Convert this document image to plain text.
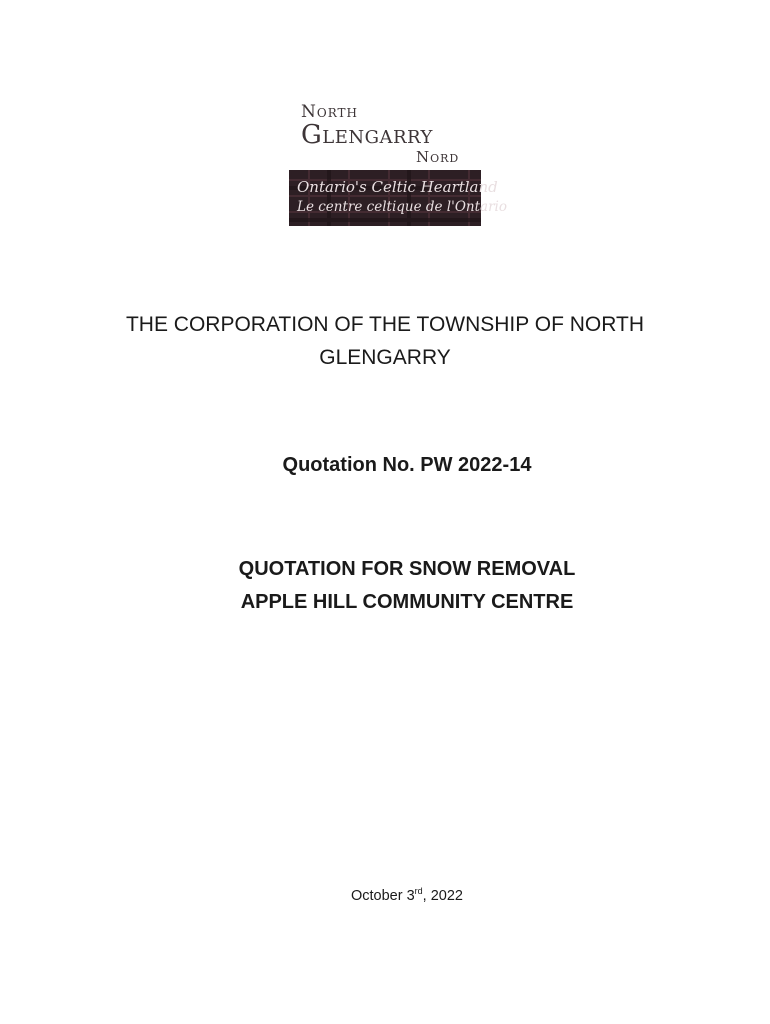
North
Glengarry
Nord
Ontario's Celtic Heartland
Le centre celtique de l'Ontario
THE CORPORATION OF THE TOWNSHIP OF NORTH
GLENGARRY
Quotation No. PW 2022-14
QUOTATION FOR SNOW REMOVAL
APPLE HILL COMMUNITY CENTRE
October 3rd, 2022
